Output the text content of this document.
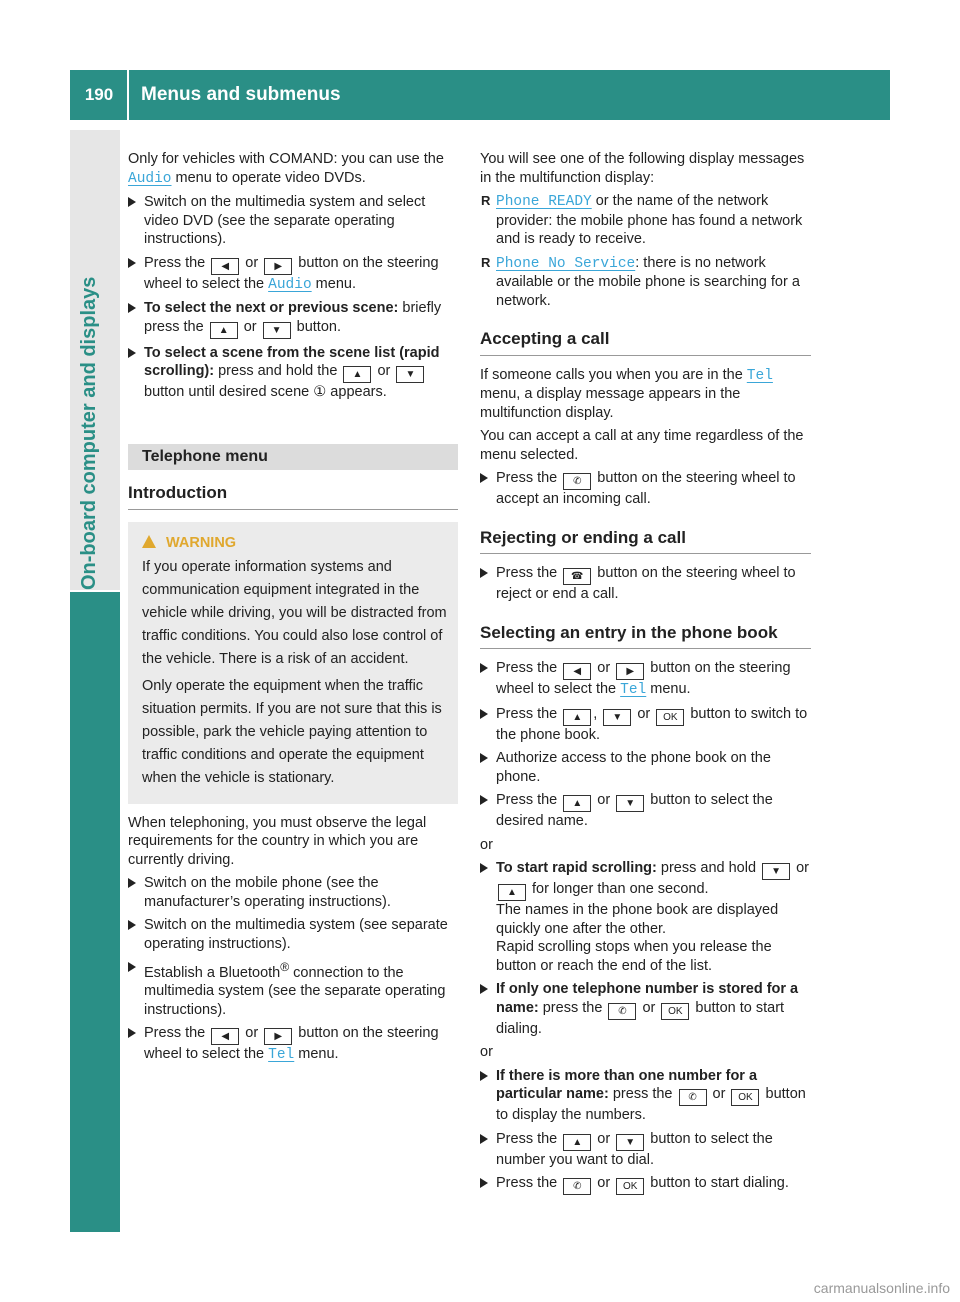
190	Menus and submenus
On-board computer and displays

Only for vehicles with COMAND: you can use the Audio menu to operate video DVDs.

Switch on the multimedia system and select video DVD (see the separate operating instructions).
Press the ◀ or ▶ button on the steering wheel to select the Audio menu.
To select the next or previous scene: briefly press the ▲ or ▼ button.
To select a scene from the scene list (rapid scrolling): press and hold the ▲ or ▼ button until desired scene ① appears.
Telephone menu
Introduction
WARNING

If you operate information systems and communication equipment integrated in the vehicle while driving, you will be distracted from traffic conditions. You could also lose control of the vehicle. There is a risk of an accident.

Only operate the equipment when the traffic situation permits. If you are not sure that this is possible, park the vehicle paying attention to traffic conditions and operate the equipment when the vehicle is stationary.

When telephoning, you must observe the legal requirements for the country in which you are currently driving.

Switch on the mobile phone (see the manufacturer’s operating instructions).
Switch on the multimedia system (see separate operating instructions).
Establish a Bluetooth® connection to the multimedia system (see the separate operating instructions).
Press the ◀ or ▶ button on the steering wheel to select the Tel menu.

You will see one of the following display messages in the multifunction display:

R Phone READY or the name of the network provider: the mobile phone has found a network and is ready to receive.
R Phone No Service: there is no network available or the mobile phone is searching for a network.
Accepting a call

If someone calls you when you are in the Tel menu, a display message appears in the multifunction display.

You can accept a call at any time regardless of the menu selected.

Press the ✆ button on the steering wheel to accept an incoming call.
Rejecting or ending a call
Press the ☎ button on the steering wheel to reject or end a call.
Selecting an entry in the phone book
Press the ◀ or ▶ button on the steering wheel to select the Tel menu.
Press the ▲ , ▼ or OK button to switch to the phone book.
Authorize access to the phone book on the phone.
Press the ▲ or ▼ button to select the desired name.

or

To start rapid scrolling: press and hold ▼ or ▲ for longer than one second.
The names in the phone book are displayed quickly one after the other.
Rapid scrolling stops when you release the button or reach the end of the list.
If only one telephone number is stored for a name: press the ✆ or OK button to start dialing.

or

If there is more than one number for a particular name: press the ✆ or OK button to display the numbers.
Press the ▲ or ▼ button to select the number you want to dial.
Press the ✆ or OK button to start dialing.
carmanualsonline.info
